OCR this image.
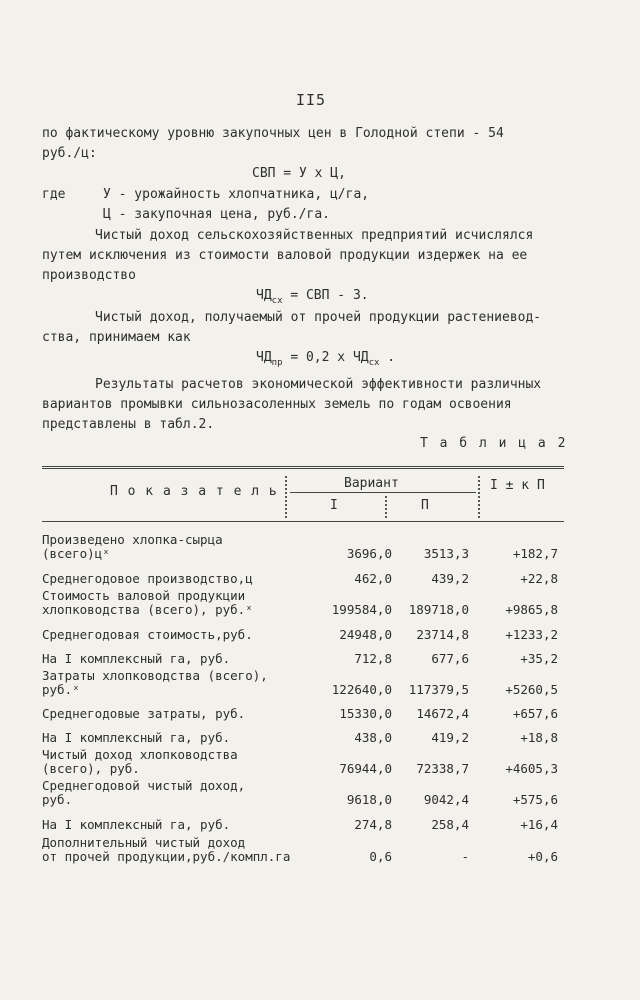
II5
по фактическому уровню закупочных цен в Голодной степи - 54
руб./ц:
СВП = У х Ц,
где	У - урожайность хлопчатника, ц/га,
Ц - закупочная цена, руб./га.
Чистый доход сельскохозяйственных предприятий исчислялся
путем исключения из стоимости валовой продукции издержек на ее
производство
$ЧД_{сх}$ = СВП - З.
Чистый доход, получаемый от прочей продукции растениевод-
ства, принимаем как
$ЧД_{пр} = 0,2$ х $ЧД_{сх}$ .
Результаты расчетов экономической эффективности различных
вариантов промывки сильнозасоленных земель по годам освоения
представлены в табл.2.
Т а б л и ц а 2
П о к а з а т е л ь
Вариант	I ± к П
I	П
Произведено хлопка-сырца
(всего)цˣ	3696,0	3513,3	+182,7
Среднегодовое производство,ц	462,0	439,2	+22,8
Стоимость валовой продукции
хлопководства (всего), руб.ˣ	199584,0 189718,0	+9865,8
Среднегодовая стоимость,руб.	24948,0 23714,8	+1233,2
На I комплексный га, руб.	712,8	677,6	+35,2
Затраты хлопководства (всего),
руб.ˣ	122640,0 117379,5	+5260,5
Среднегодовые затраты, руб.	15330,0 14672,4	+657,6
На I комплексный га, руб.	438,0	419,2	+18,8
Чистый доход хлопководства
(всего), руб.	76944,0 72338,7	+4605,3
Среднегодовой чистый доход,
руб.	9618,0	9042,4	+575,6
На I комплексный га, руб.	274,8	258,4	+16,4
Дополнительный чистый доход
от прочей продукции,руб./компл.га	0,6	-	+0,6
